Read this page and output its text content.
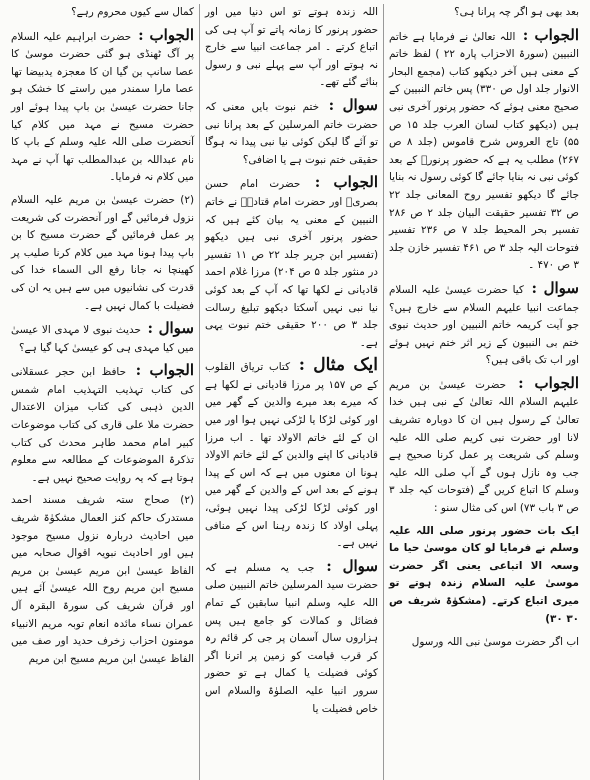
بعد بھی ہو اگر چہ پرانا ہی؟
الجواب : اللہ تعالیٰ نے فرمایا ہے خاتم النبیین (سورۃ الاحزاب پارہ ۲۲ ) لفظ خاتم کے معنی ہیں آخر دیکھو کتاب (مجمع البحار الانوار جلد اول ص ۳۳۰) پس خاتم النبیین کے صحیح معنی ہوئے کہ حضور پرنور آخری نبی ہیں (دیکھو کتاب لسان العرب جلد ۱۵ ص ۵۵) تاج العروس شرح قاموس (جلد ۸ ص ۲۶۷) مطلب یہ ہے کہ حضور پرنورؐ کے بعد کوئی نبی نہ بنایا جائے گا کوئی رسول نہ بنایا جائے گا دیکھو تفسیر روح المعانی جلد ۲۲ ص ۳۲ تفسیر حقیقت البیان جلد ۲ ص ۲۸۶ تفسیر بحر المحیط جلد ۷ ص ۲۳۶ تفسیر فتوحات الیہ جلد ۳ ص ۴۶۱ تفسیر خازن جلد ۳ ص ۴۷۰ ۔
سوال : کیا حضرت عیسیٰ علیہ السلام جماعت انبیا علیہم السلام سے خارج ہیں؟ جو آیت کریمہ خاتم النبیین اور حدیث نبوی ختم بی النبیون کے زیر اثر ختم نہیں ہوئے اور اب تک باقی ہیں؟
الجواب : حضرت عیسیٰ بن مریم علیہم السلام اللہ تعالیٰ کے نبی ہیں خدا تعالیٰ کے رسول ہیں ان کا دوبارہ تشریف لانا اور حضرت نبی کریم صلی اللہ علیہ وسلم کی شریعت پر عمل کرنا صحیح ہے جب وہ نازل ہوں گے آپ صلی اللہ علیہ وسلم کا اتباع کریں گے (فتوحات کیہ جلد ۳ ص ۳ باب ۷۳) اس کی مثال سنو :
ایک بات حضور پرنور صلی اللہ علیہ وسلم نے فرمایا لو کان موسیٰ حیا ما وسعہ الا اتباعی یعنی اگر حضرت موسیٰ علیہ السلام زندہ ہوتے تو میری اتباع کرتے۔ (مشکوٰۃ شریف ص ۳۰ ۳۰)
اب اگر حضرت موسیٰ نبی اللہ ورسول
اللہ زندہ ہوتے تو اس دنیا میں اور حضور پرنور کا زمانہ پاتے تو آپ ہی کی اتباع کرتے ۔ امر جماعت انبیا سے خارج نہ ہوتے اور آپ سے پہلے نبی و رسول بنائے گئے تھے۔
سوال : ختم نبوت بایں معنی کہ حضرت خاتم المرسلین کے بعد پرانا نبی تو آئے گا لیکن کوئی نیا نبی پیدا نہ ہوگا حقیقی ختم نبوت ہے یا اضافی؟
الجواب : حضرت امام حسن بصریؒ اور حضرت امام قتادہؒ نے خاتم النبیین کے معنی یہ بیان کئے ہیں کہ حضور پرنور آخری نبی ہیں دیکھو (تفسیر ابن جریر جلد ۲۲ ص ۱۱ تفسیر در منثور جلد ۵ ص ۲۰۴) مرزا غلام احمد قادیانی نے لکھا تھا کہ آپ کے بعد کوئی نیا نبی نہیں آسکتا دیکھو تبلیغ رسالت جلد ۳ ص ۲۰۰ حقیقی ختم نبوت یہی ہے۔
ایک مثال : کتاب تریاق القلوب کے ص ۱۵۷ پر مرزا قادیانی نے لکھا ہے کہ میرے بعد میرے والدین کے گھر میں اور کوئی لڑکا یا لڑکی نہیں ہوا اور میں ان کے لئے خاتم الاولاد تھا ۔ اب مرزا قادیانی کا اپنے والدین کے لئے خاتم الاولاد ہونا ان معنوں میں ہے کہ اس کے پیدا ہونے کے بعد اس کے والدین کے گھر میں اور کوئی لڑکا لڑکی پیدا نہیں ہوئی، پہلی اولاد کا زندہ رہنا اس کے منافی نہیں ہے۔
سوال : جب یہ مسلم ہے کہ حضرت سید المرسلین خاتم النبیین صلی اللہ علیہ وسلم انبیا سابقین کے تمام فضائل و کمالات کو جامع ہیں پس ہزاروں سال آسمان پر جی کر قائم رہ کر قرب قیامت کو زمین پر اترنا اگر کوئی فضیلت یا کمال ہے تو حضور سرور انبیا علیہ الصلوٰۃ والسلام اس خاص فضیلت یا
کمال سے کیوں محروم رہے؟
الجواب : حضرت ابراہیم علیہ السلام پر آگ ٹھنڈی ہو گئی حضرت موسیٰ کا عصا سانپ بن گیا ان کا معجزہ یدبیضا تھا عصا مارا سمندر میں راستے کا خشک ہو جانا حضرت عیسیٰ بن باپ پیدا ہوئے اور حضرت مسیح نے مہد میں کلام کیا آنحضرت صلی اللہ علیہ وسلم کے باپ کا نام عبداللہ بن عبدالمطلب تھا آپ نے مہد میں کلام نہ فرمایا۔
(۲) حضرت عیسیٰ بن مریم علیہ السلام نزول فرمائیں گے اور آنحضرت کی شریعت پر عمل فرمائیں گے حضرت مسیح کا بن باپ پیدا ہونا مہد میں کلام کرنا صلیب پر کھینچا نہ جانا رفع الی السماء خدا کی قدرت کی نشانیوں میں سے ہیں یہ ان کی فضیلت با کمال نہیں ہے۔
سوال : حدیث نبوی لا مہدی الا عیسیٰ میں کیا مہدی ہی کو عیسیٰ کہا گیا ہے؟
الجواب : حافظ ابن حجر عسقلانی کی کتاب تہذیب التہذیب امام شمس الدین ذہبی کی کتاب میزان الاعتدال حضرت ملا علی قاری کی کتاب موضوعات کبیر امام محمد طاہر محدث کی کتاب تذکرۃ الموضوعات کے مطالعہ سے معلوم ہوتا ہے کہ یہ روایت صحیح نہیں ہے۔
(۲) صحاح ستہ شریف مسند احمد مستدرک حاکم کنز العمال مشکوٰۃ شریف میں احادیث دربارہ نزول مسیح موجود ہیں اور احادیث نبویہ اقوال صحابہ میں الفاظ عیسیٰ ابن مریم عیسیٰ بن مریم مسیح ابن مریم روح اللہ عیسیٰ آئے ہیں اور قرآن شریف کی سورۃ البقرہ آل عمران نساء مائدہ انعام توبہ مریم الانبیاء مومنون احزاب زخرف حدید اور صف میں الفاظ عیسیٰ ابن مریم مسیح ابن مریم
